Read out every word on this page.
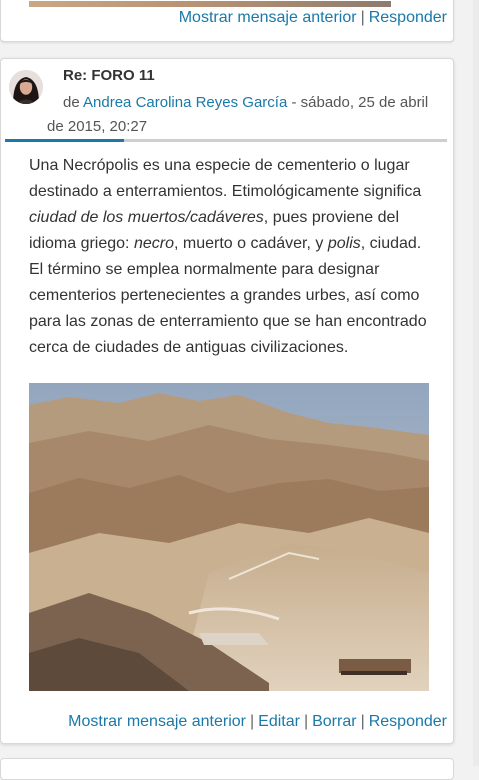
Mostrar mensaje anterior | Responder
Re: FORO 11
de Andrea Carolina Reyes García - sábado, 25 de abril de 2015, 20:27
Una Necrópolis es una especie de cementerio o lugar destinado a enterramientos. Etimológicamente significa ciudad de los muertos/cadáveres, pues proviene del idioma griego: necro, muerto o cadáver, y polis, ciudad. El término se emplea normalmente para designar cementerios pertenecientes a grandes urbes, así como para las zonas de enterramiento que se han encontrado cerca de ciudades de antiguas civilizaciones.
Mostrar mensaje anterior | Editar | Borrar | Responder
